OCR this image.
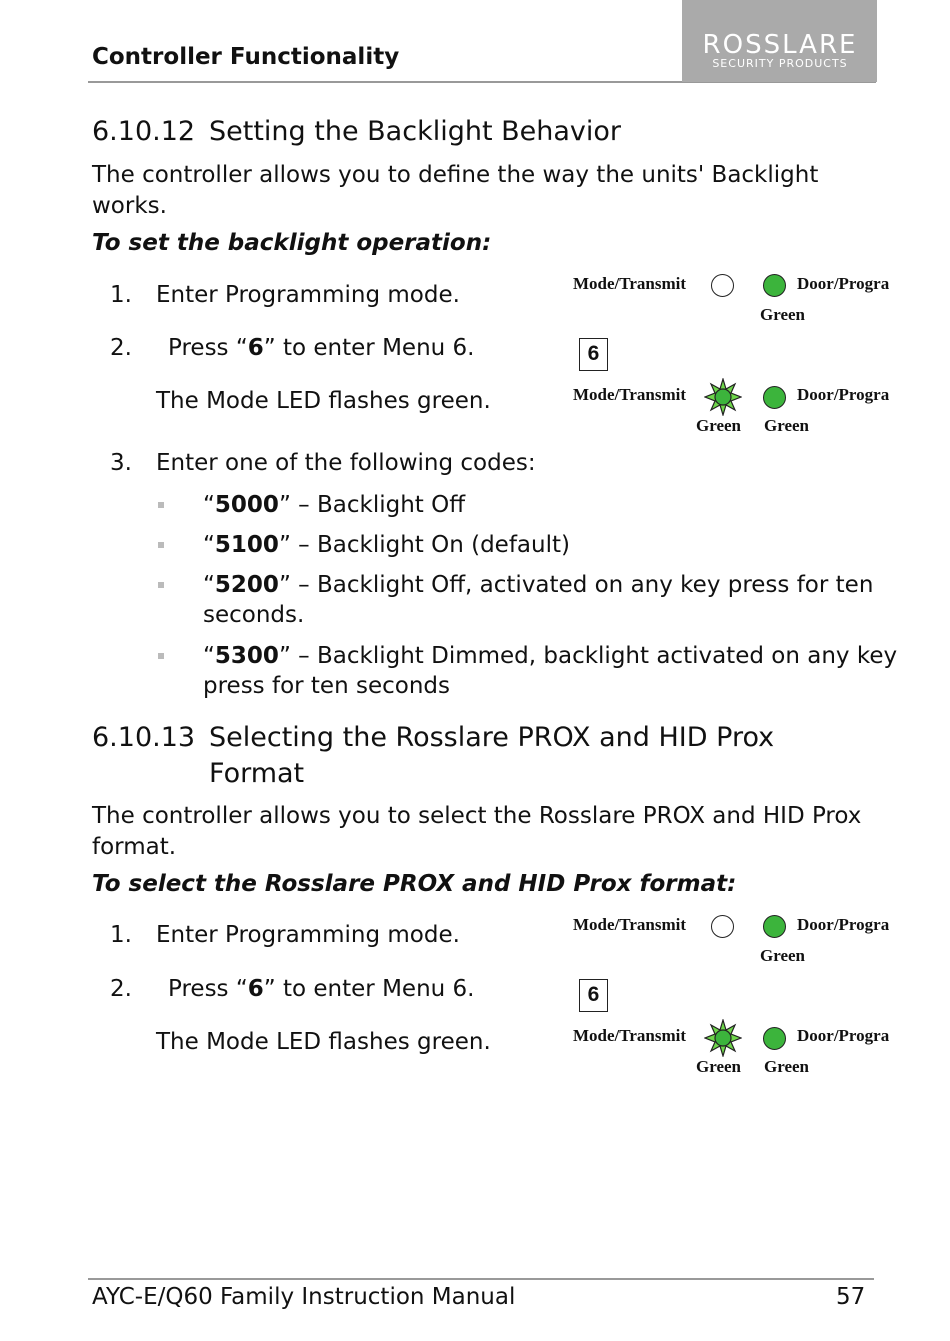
Controller Functionality	ROSSLARE
SECURITY PRODUCTS
6.10.12 Setting the Backlight Behavior
The controller allows you to define the way the units' Backlight
works.
To set the backlight operation:
1. Enter Programming mode.
2. Press “6” to enter Menu 6.
The Mode LED flashes green.
3. Enter one of the following codes:
“5000” – Backlight Off
“5100” – Backlight On (default)
“5200” – Backlight Off, activated on any key press for ten
seconds.
“5300” – Backlight Dimmed, backlight activated on any key
press for ten seconds
Mode/Transmit	Door/Progra
Green
6
Mode/Transmit	Door/Progra
Green Green
6.10.13 Selecting the Rosslare PROX and HID Prox
Format
The controller allows you to select the Rosslare PROX and HID Prox
format.
To select the Rosslare PROX and HID Prox format:
1. Enter Programming mode.
2. Press “6” to enter Menu 6.
The Mode LED flashes green.
Mode/Transmit	Door/Progra
Green
6
Mode/Transmit	Door/Progra
Green Green
AYC-E/Q60 Family Instruction Manual	57
